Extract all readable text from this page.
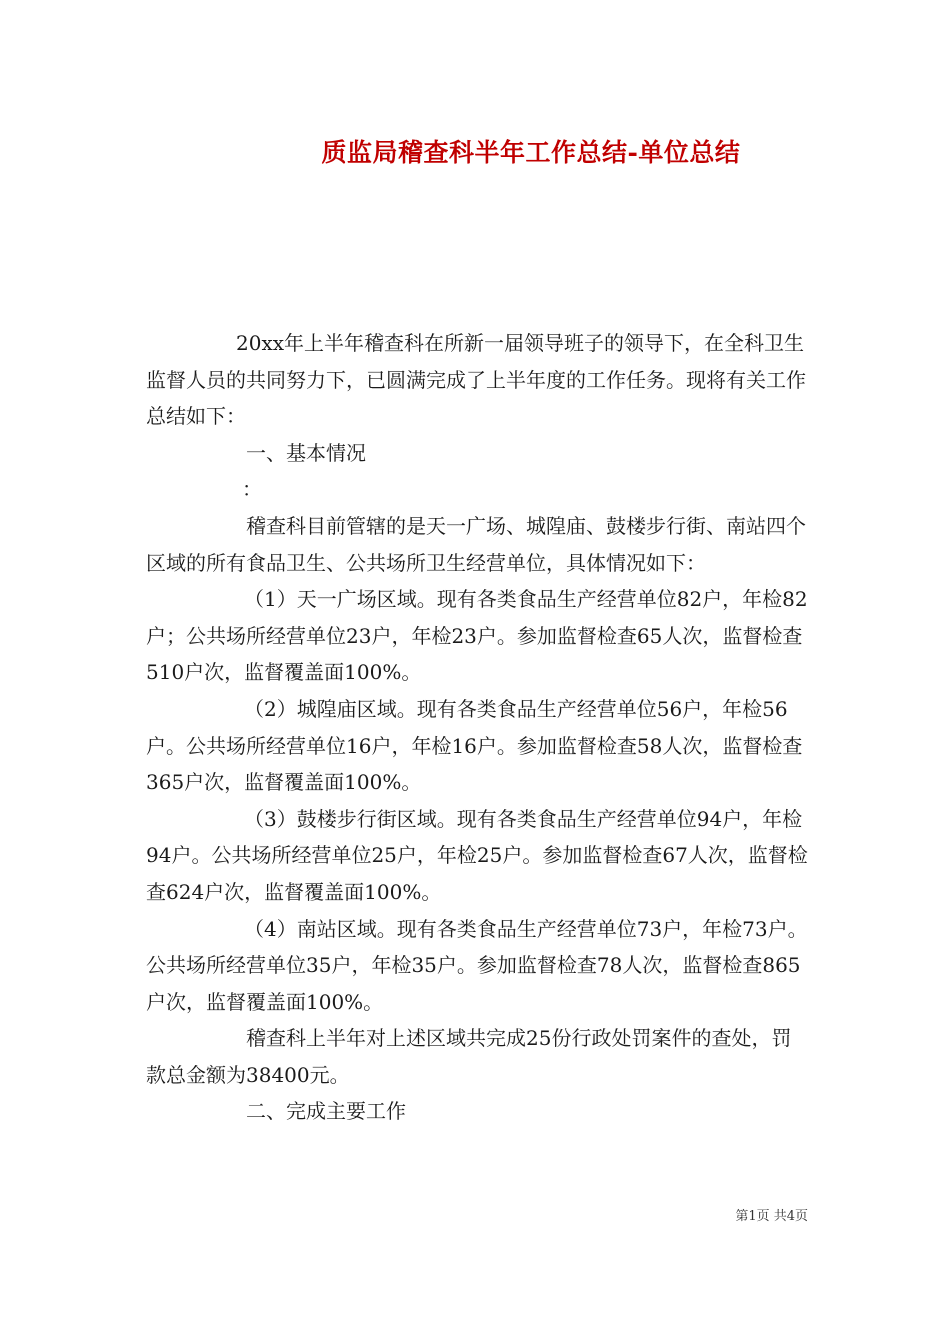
质监局稽查科半年工作总结-单位总结

20xx年上半年稽查科在所新一届领导班子的领导下，在全科卫生监督人员的共同努力下，已圆满完成了上半年度的工作任务。现将有关工作总结如下：

一、基本情况

：

稽查科目前管辖的是天一广场、城隍庙、鼓楼步行街、南站四个区域的所有食品卫生、公共场所卫生经营单位，具体情况如下：

（1）天一广场区域。现有各类食品生产经营单位82户，年检82户；公共场所经营单位23户，年检23户。参加监督检查65人次，监督检查510户次，监督覆盖面100%。

（2）城隍庙区域。现有各类食品生产经营单位56户，年检56户。公共场所经营单位16户，年检16户。参加监督检查58人次，监督检查365户次，监督覆盖面100%。

（3）鼓楼步行街区域。现有各类食品生产经营单位94户，年检94户。公共场所经营单位25户，年检25户。参加监督检查67人次，监督检查624户次，监督覆盖面100%。

（4）南站区域。现有各类食品生产经营单位73户，年检73户。公共场所经营单位35户，年检35户。参加监督检查78人次，监督检查865户次，监督覆盖面100%。

稽查科上半年对上述区域共完成25份行政处罚案件的查处，罚款总金额为38400元。

二、完成主要工作

第1页 共4页
